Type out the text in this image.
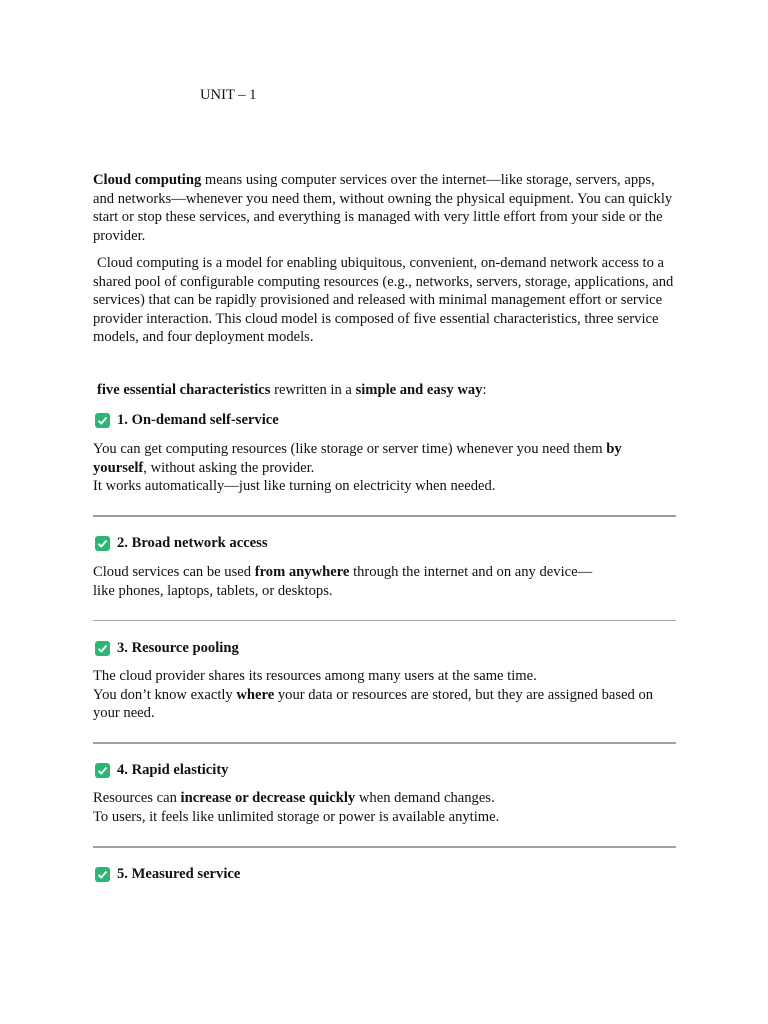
UNIT – 1

Cloud computing means using computer services over the internet—like storage, servers, apps, and networks—whenever you need them, without owning the physical equipment. You can quickly start or stop these services, and everything is managed with very little effort from your side or the provider.

Cloud computing is a model for enabling ubiquitous, convenient, on-demand network access to a shared pool of configurable computing resources (e.g., networks, servers, storage, applications, and services) that can be rapidly provisioned and released with minimal management effort or service provider interaction. This cloud model is composed of five essential characteristics, three service models, and four deployment models.

five essential characteristics rewritten in a simple and easy way:

1. On-demand self-service

You can get computing resources (like storage or server time) whenever you need them by yourself, without asking the provider.
It works automatically—just like turning on electricity when needed.

2. Broad network access

Cloud services can be used from anywhere through the internet and on any device—
like phones, laptops, tablets, or desktops.

3. Resource pooling

The cloud provider shares its resources among many users at the same time.
You don’t know exactly where your data or resources are stored, but they are assigned based on your need.

4. Rapid elasticity

Resources can increase or decrease quickly when demand changes.
To users, it feels like unlimited storage or power is available anytime.

5. Measured service
